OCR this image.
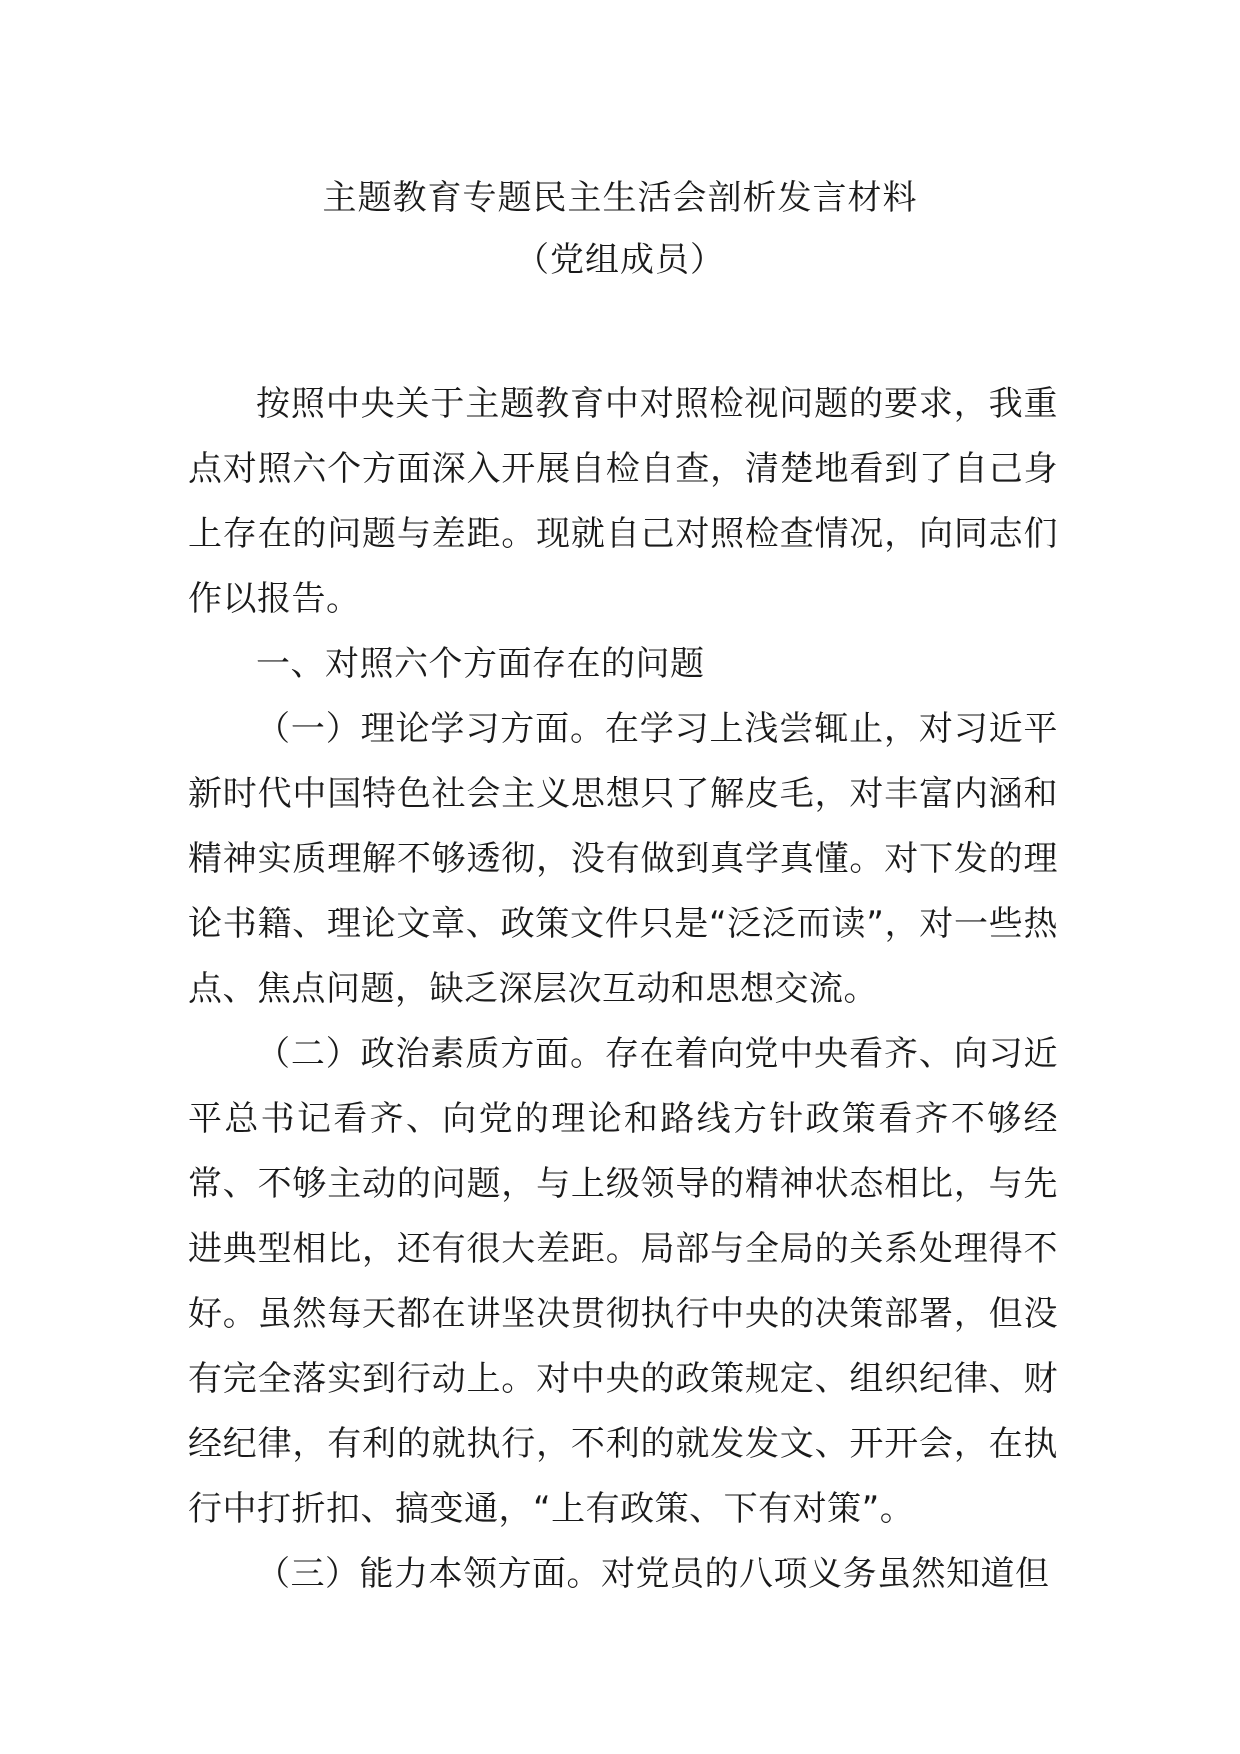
主题教育专题民主生活会剖析发言材料
（党组成员）

按照中央关于主题教育中对照检视问题的要求，我重点对照六个方面深入开展自检自查，清楚地看到了自己身上存在的问题与差距。现就自己对照检查情况，向同志们作以报告。

一、对照六个方面存在的问题

（一）理论学习方面。在学习上浅尝辄止，对习近平新时代中国特色社会主义思想只了解皮毛，对丰富内涵和精神实质理解不够透彻，没有做到真学真懂。对下发的理论书籍、理论文章、政策文件只是“泛泛而读”，对一些热点、焦点问题，缺乏深层次互动和思想交流。

（二）政治素质方面。存在着向党中央看齐、向习近平总书记看齐、向党的理论和路线方针政策看齐不够经常、不够主动的问题，与上级领导的精神状态相比，与先进典型相比，还有很大差距。局部与全局的关系处理得不好。虽然每天都在讲坚决贯彻执行中央的决策部署，但没有完全落实到行动上。对中央的政策规定、组织纪律、财经纪律，有利的就执行，不利的就发发文、开开会，在执行中打折扣、搞变通，“上有政策、下有对策”。

（三）能力本领方面。对党员的八项义务虽然知道但
